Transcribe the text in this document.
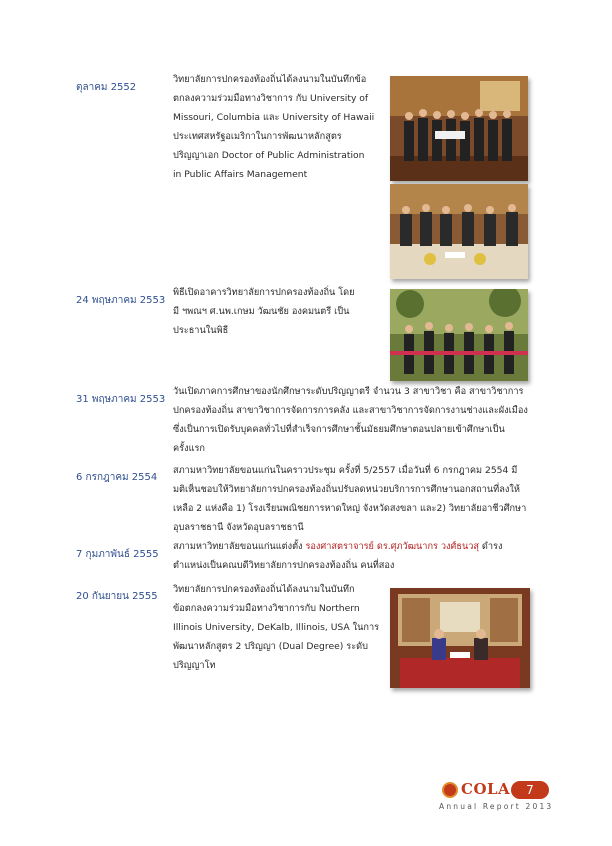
ตุลาคม 2552
วิทยาลัยการปกครองท้องถิ่นได้ลงนามในบันทึกข้อ
ตกลงความร่วมมือทางวิชาการ กับ University of
Missouri, Columbia และ University of Hawaii
ประเทศสหรัฐอเมริกาในการพัฒนาหลักสูตร
ปริญญาเอก Doctor of Public Administration
in Public Affairs Management
24 พฤษภาคม 2553
พิธีเปิดอาคารวิทยาลัยการปกครองท้องถิ่น โดย
มี ฯพณฯ ศ.นพ.เกษม วัฒนชัย องคมนตรี เป็น
ประธานในพิธี
31 พฤษภาคม 2553
วันเปิดภาคการศึกษาของนักศึกษาระดับปริญญาตรี จำนวน 3 สาขาวิชา คือ สาขาวิชาการ
ปกครองท้องถิ่น สาขาวิชาการจัดการการคลัง และสาขาวิชาการจัดการงานช่างและผังเมือง
ซึ่งเป็นการเปิดรับบุคคลทั่วไปที่สำเร็จการศึกษาชั้นมัธยมศึกษาตอนปลายเข้าศึกษาเป็น
ครั้งแรก
6 กรกฎาคม 2554
สภามหาวิทยาลัยขอนแก่นในคราวประชุม ครั้งที่ 5/2557 เมื่อวันที่ 6 กรกฎาคม 2554 มี
มติเห็นชอบให้วิทยาลัยการปกครองท้องถิ่นปรับลดหน่วยบริการการศึกษานอกสถานที่ลงให้
เหลือ 2 แห่งคือ 1) โรงเรียนพณิชยการหาดใหญ่ จังหวัดสงขลา และ2) วิทยาลัยอาชีวศึกษา
อุบลราชธานี จังหวัดอุบลราชธานี
7 กุมภาพันธ์ 2555
สภามหาวิทยาลัยขอนแก่นแต่งตั้ง รองศาสตราจารย์ ดร.ศุภวัฒนากร วงศ์ธนวสุ ดำรง
ตำแหน่งเป็นคณบดีวิทยาลัยการปกครองท้องถิ่น คนที่สอง
20 กันยายน 2555
วิทยาลัยการปกครองท้องถิ่นได้ลงนามในบันทึก
ข้อตกลงความร่วมมือทางวิชาการกับ Northern
Illinois University, DeKalb, Illinois, USA ในการ
พัฒนาหลักสูตร 2 ปริญญา (Dual Degree) ระดับ
ปริญญาโท
COLA	7
Annual Report 2013
